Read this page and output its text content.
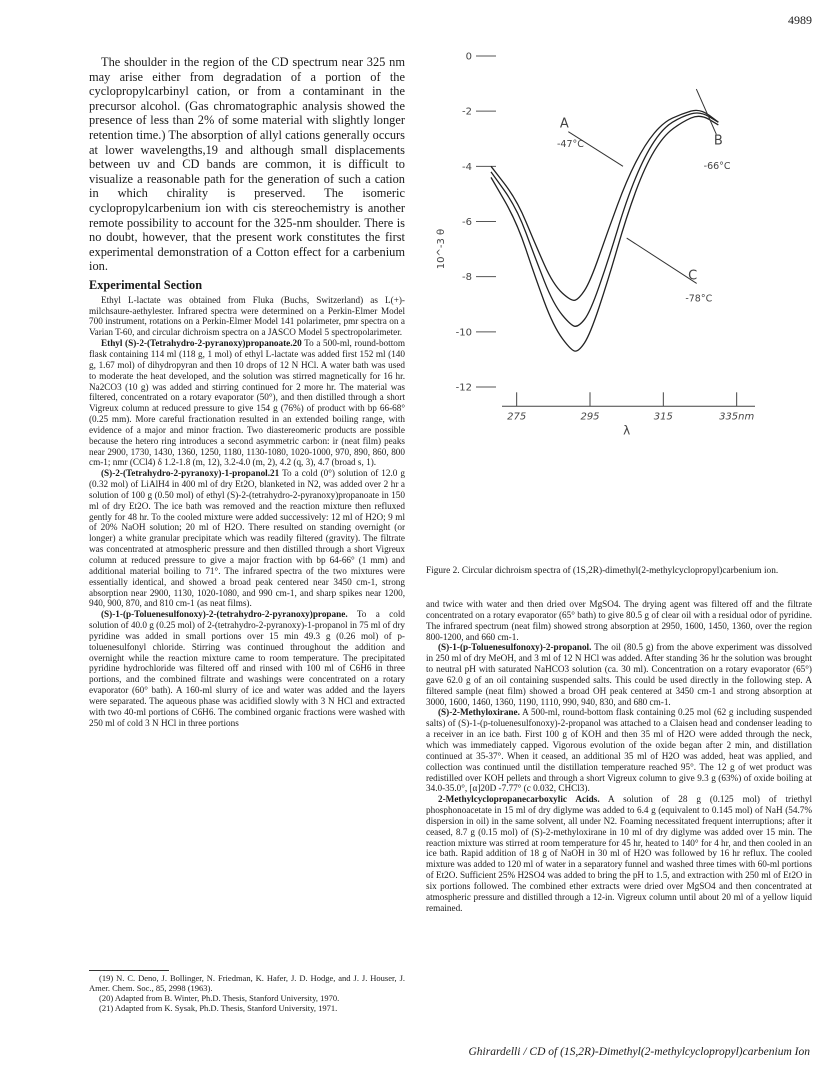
4989

The shoulder in the region of the CD spectrum near 325 nm may arise either from degradation of a portion of the cyclopropylcarbinyl cation, or from a contaminant in the precursor alcohol. (Gas chromatographic analysis showed the presence of less than 2% of some material with slightly longer retention time.) The absorption of allyl cations generally occurs at lower wavelengths,19 and although small displacements between uv and CD bands are common, it is difficult to visualize a reasonable path for the generation of such a cation in which chirality is preserved. The isomeric cyclopropylcarbenium ion with cis stereochemistry is another remote possibility to account for the 325-nm shoulder. There is no doubt, however, that the present work constitutes the first experimental demonstration of a Cotton effect for a carbenium ion.

Experimental Section

Ethyl L-lactate was obtained from Fluka (Buchs, Switzerland) as L(+)-milchsaure-aethylester. Infrared spectra were determined on a Perkin-Elmer Model 700 instrument, rotations on a Perkin-Elmer Model 141 polarimeter, pmr spectra on a Varian T-60, and circular dichroism spectra on a JASCO Model 5 spectropolarimeter.

Ethyl (S)-2-(Tetrahydro-2-pyranoxy)propanoate.20 To a 500-ml, round-bottom flask containing 114 ml (118 g, 1 mol) of ethyl L-lactate was added first 152 ml (140 g, 1.67 mol) of dihydropyran and then 10 drops of 12 N HCl. A water bath was used to moderate the heat developed, and the solution was stirred magnetically for 16 hr. Na2CO3 (10 g) was added and stirring continued for 2 more hr. The material was filtered, concentrated on a rotary evaporator (50°), and then distilled through a short Vigreux column at reduced pressure to give 154 g (76%) of product with bp 66-68° (0.25 mm). More careful fractionation resulted in an extended boiling range, with evidence of a major and minor fraction. Two diastereomeric products are possible because the hetero ring introduces a second asymmetric carbon: ir (neat film) peaks near 2900, 1730, 1430, 1360, 1250, 1180, 1130-1080, 1020-1000, 970, 890, 860, 800 cm-1; nmr (CCl4) δ 1.2-1.8 (m, 12), 3.2-4.0 (m, 2), 4.2 (q, 3), 4.7 (broad s, 1).

(S)-2-(Tetrahydro-2-pyranoxy)-1-propanol.21 To a cold (0°) solution of 12.0 g (0.32 mol) of LiAlH4 in 400 ml of dry Et2O, blanketed in N2, was added over 2 hr a solution of 100 g (0.50 mol) of ethyl (S)-2-(tetrahydro-2-pyranoxy)propanoate in 150 ml of dry Et2O. The ice bath was removed and the reaction mixture then refluxed gently for 48 hr. To the cooled mixture were added successively: 12 ml of H2O; 9 ml of 20% NaOH solution; 20 ml of H2O. There resulted on standing overnight (or longer) a white granular precipitate which was readily filtered (gravity). The filtrate was concentrated at atmospheric pressure and then distilled through a short Vigreux column at reduced pressure to give a major fraction with bp 64-66° (1 mm) and additional material boiling to 71°. The infrared spectra of the two mixtures were essentially identical, and showed a broad peak centered near 3450 cm-1, strong absorption near 2900, 1130, 1020-1080, and 990 cm-1, and sharp spikes near 1200, 940, 900, 870, and 810 cm-1 (as neat films).

(S)-1-(p-Toluenesulfonoxy)-2-(tetrahydro-2-pyranoxy)propane. To a cold solution of 40.0 g (0.25 mol) of 2-(tetrahydro-2-pyranoxy)-1-propanol in 75 ml of dry pyridine was added in small portions over 15 min 49.3 g (0.26 mol) of p-toluenesulfonyl chloride. Stirring was continued throughout the addition and overnight while the reaction mixture came to room temperature. The precipitated pyridine hydrochloride was filtered off and rinsed with 100 ml of C6H6 in three portions, and the combined filtrate and washings were concentrated on a rotary evaporator (60° bath). A 160-ml slurry of ice and water was added and the layers were separated. The aqueous phase was acidified slowly with 3 N HCl and extracted with two 40-ml portions of C6H6. The combined organic fractions were washed with 250 ml of cold 3 N HCl in three portions

(19) N. C. Deno, J. Bollinger, N. Friedman, K. Hafer, J. D. Hodge, and J. J. Houser, J. Amer. Chem. Soc., 85, 2998 (1963).

(20) Adapted from B. Winter, Ph.D. Thesis, Stanford University, 1970.

(21) Adapted from K. Sysak, Ph.D. Thesis, Stanford University, 1971.

0
-2
-4
-6
-8
-10
-12
10^-3 θ
275	295	315	335nm
λ
A
-47°C	B
-66°C
C
-78°C
Figure 2. Circular dichroism spectra of (1S,2R)-dimethyl(2-methylcyclopropyl)carbenium ion.

and twice with water and then dried over MgSO4. The drying agent was filtered off and the filtrate concentrated on a rotary evaporator (65° bath) to give 80.5 g of clear oil with a residual odor of pyridine. The infrared spectrum (neat film) showed strong absorption at 2950, 1600, 1450, 1360, over the region 800-1200, and 660 cm-1.

(S)-1-(p-Toluenesulfonoxy)-2-propanol. The oil (80.5 g) from the above experiment was dissolved in 250 ml of dry MeOH, and 3 ml of 12 N HCl was added. After standing 36 hr the solution was brought to neutral pH with saturated NaHCO3 solution (ca. 30 ml). Concentration on a rotary evaporator (65°) gave 62.0 g of an oil containing suspended salts. This could be used directly in the following step. A filtered sample (neat film) showed a broad OH peak centered at 3450 cm-1 and strong absorption at 3000, 1600, 1460, 1360, 1190, 1110, 990, 940, 830, and 680 cm-1.

(S)-2-Methyloxirane. A 500-ml, round-bottom flask containing 0.25 mol (62 g including suspended salts) of (S)-1-(p-toluenesulfonoxy)-2-propanol was attached to a Claisen head and condenser leading to a receiver in an ice bath. First 100 g of KOH and then 35 ml of H2O were added through the neck, which was immediately capped. Vigorous evolution of the oxide began after 2 min, and distillation continued at 35-37°. When it ceased, an additional 35 ml of H2O was added, heat was applied, and collection was continued until the distillation temperature reached 95°. The 12 g of wet product was redistilled over KOH pellets and through a short Vigreux column to give 9.3 g (63%) of oxide boiling at 34.0-35.0°, [α]20D -7.77° (c 0.032, CHCl3).

2-Methylcyclopropanecarboxylic Acids. A solution of 28 g (0.125 mol) of triethyl phosphonoacetate in 15 ml of dry diglyme was added to 6.4 g (equivalent to 0.145 mol) of NaH (54.7% dispersion in oil) in the same solvent, all under N2. Foaming necessitated frequent interruptions; after it ceased, 8.7 g (0.15 mol) of (S)-2-methyloxirane in 10 ml of dry diglyme was added over 15 min. The reaction mixture was stirred at room temperature for 45 hr, heated to 140° for 4 hr, and then cooled in an ice bath. Rapid addition of 18 g of NaOH in 30 ml of H2O was followed by 16 hr reflux. The cooled mixture was added to 120 ml of water in a separatory funnel and washed three times with 60-ml portions of Et2O. Sufficient 25% H2SO4 was added to bring the pH to 1.5, and extraction with 250 ml of Et2O in six portions followed. The combined ether extracts were dried over MgSO4 and then concentrated at atmospheric pressure and distilled through a 12-in. Vigreux column until about 20 ml of a yellow liquid remained.

Ghirardelli / CD of (1S,2R)-Dimethyl(2-methylcyclopropyl)carbenium Ion
